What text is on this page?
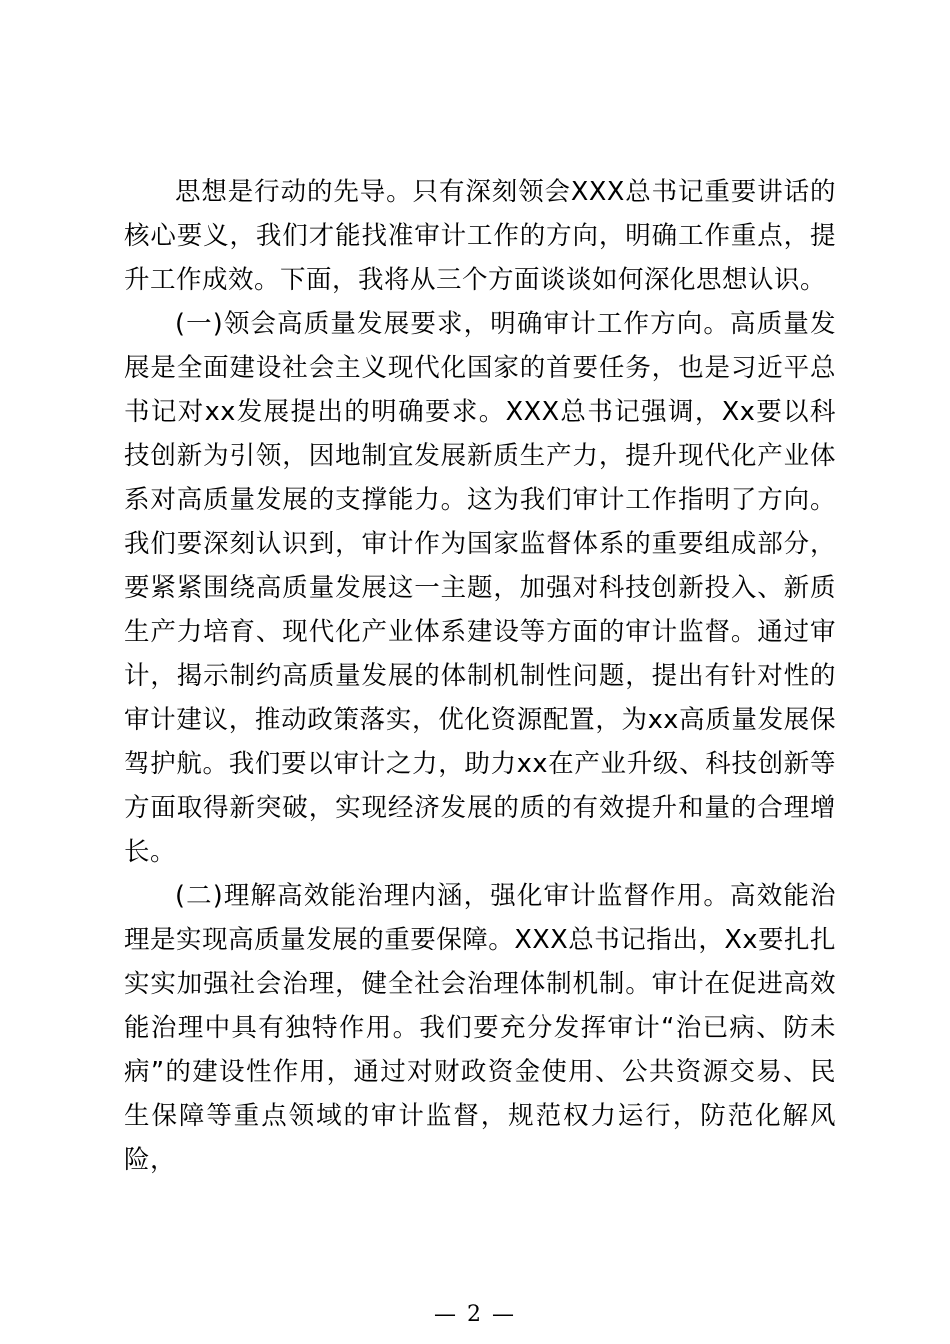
思想是行动的先导。只有深刻领会XXX总书记重要讲话的核心要义，我们才能找准审计工作的方向，明确工作重点，提升工作成效。下面，我将从三个方面谈谈如何深化思想认识。

(一)领会高质量发展要求，明确审计工作方向。高质量发展是全面建设社会主义现代化国家的首要任务，也是习近平总书记对xx发展提出的明确要求。XXX总书记强调，Xx要以科技创新为引领，因地制宜发展新质生产力，提升现代化产业体系对高质量发展的支撑能力。这为我们审计工作指明了方向。我们要深刻认识到，审计作为国家监督体系的重要组成部分，要紧紧围绕高质量发展这一主题，加强对科技创新投入、新质生产力培育、现代化产业体系建设等方面的审计监督。通过审计，揭示制约高质量发展的体制机制性问题，提出有针对性的审计建议，推动政策落实，优化资源配置，为xx高质量发展保驾护航。我们要以审计之力，助力xx在产业升级、科技创新等方面取得新突破，实现经济发展的质的有效提升和量的合理增长。

(二)理解高效能治理内涵，强化审计监督作用。高效能治理是实现高质量发展的重要保障。XXX总书记指出，Xx要扎扎实实加强社会治理，健全社会治理体制机制。审计在促进高效能治理中具有独特作用。我们要充分发挥审计“治已病、防未病”的建设性作用，通过对财政资金使用、公共资源交易、民生保障等重点领域的审计监督，规范权力运行，防范化解风险，

— 2 —
